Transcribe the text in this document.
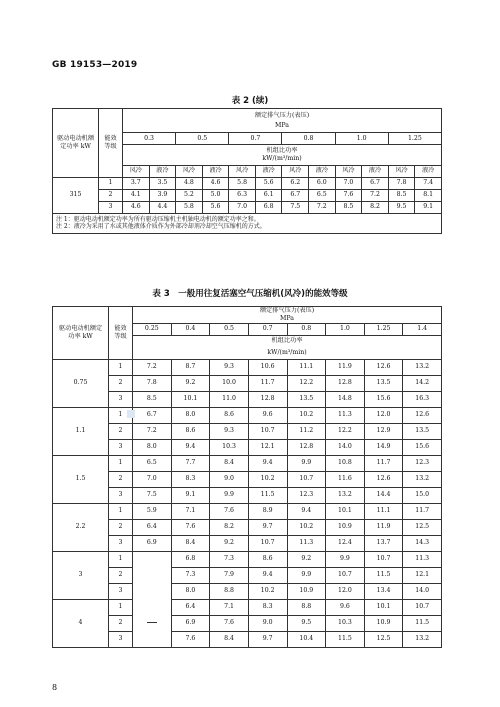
GB 19153—2019
表 2 (续)
驱动电动机额定功率 kW	能效等级	额定排气压力(表压)											
		MPa											
		0.3		0.5		0.7		0.8		1.0		1.25	

		机组比功率
kW/(m³/min)											

		风冷	液冷	风冷	液冷	风冷	液冷	风冷	液冷	风冷	液冷	风冷	液冷
315	1	3.7	3.5	4.8	4.6	5.8	5.6	6.2	6.0	7.0	6.7	7.8	7.4
	2	4.1	3.9	5.2	5.0	6.3	6.1	6.7	6.5	7.6	7.2	8.5	8.1
	3	4.6	4.4	5.8	5.6	7.0	6.8	7.5	7.2	8.5	8.2	9.5	9.1

注 1：驱动电动机额定功率为所有驱动压缩机主机轴电动机的额定功率之和。
注 2：液冷为采用了水或其他液体介质作为外部冷却剂冷却空气压缩机的方式。													
表 3　一般用往复活塞空气压缩机(风冷)的能效等级
驱动电动机额定功率 kW	能效等级	额定排气压力(表压)
MPa							

		0.25	0.4	0.5	0.7	0.8	1.0	1.25	1.4
		机组比功率							
		kW/(m³/min)							
0.75	1	7.2	8.7	9.3	10.6	11.1	11.9	12.6	13.2
	2	7.8	9.2	10.0	11.7	12.2	12.8	13.5	14.2
	3	8.5	10.1	11.0	12.8	13.5	14.8	15.6	16.3
1.1	1	6.7	8.0	8.6	9.6	10.2	11.3	12.0	12.6
	2	7.2	8.6	9.3	10.7	11.2	12.2	12.9	13.5
	3	8.0	9.4	10.3	12.1	12.8	14.0	14.9	15.6
1.5	1	6.5	7.7	8.4	9.4	9.9	10.8	11.7	12.3
	2	7.0	8.3	9.0	10.2	10.7	11.6	12.6	13.2
	3	7.5	9.1	9.9	11.5	12.3	13.2	14.4	15.0
2.2	1	5.9	7.1	7.6	8.9	9.4	10.1	11.1	11.7
	2	6.4	7.6	8.2	9.7	10.2	10.9	11.9	12.5
	3	6.9	8.4	9.2	10.7	11.3	12.4	13.7	14.3
3	1		6.8	7.3	8.6	9.2	9.9	10.7	11.3
	2		7.3	7.9	9.4	9.9	10.7	11.5	12.1
	3		8.0	8.8	10.2	10.9	12.0	13.4	14.0
4	1		6.4	7.1	8.3	8.8	9.6	10.1	10.7
	2		6.9	7.6	9.0	9.5	10.3	10.9	11.5
	3		7.6	8.4	9.7	10.4	11.5	12.5	13.2
8
